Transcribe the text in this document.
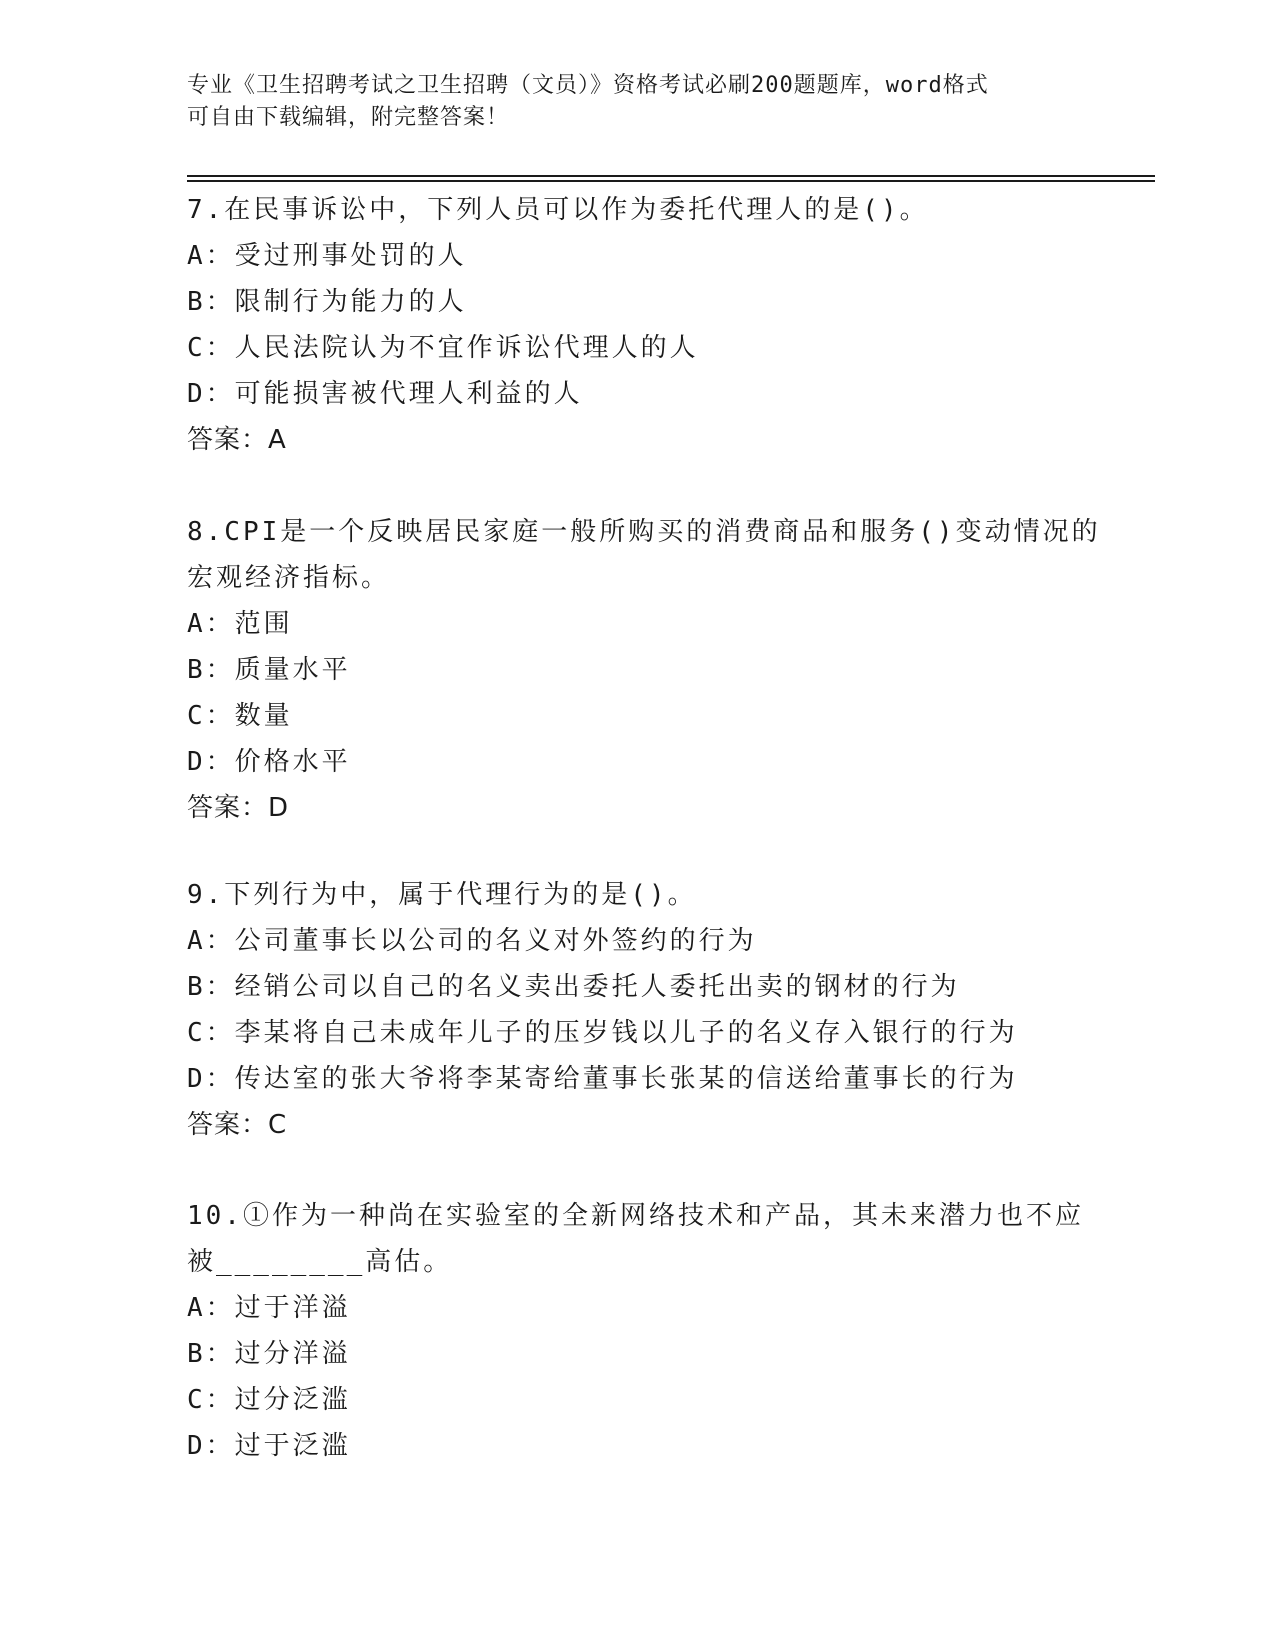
专业《卫生招聘考试之卫生招聘（文员）》资格考试必刷200题题库，word格式
可自由下载编辑，附完整答案！
7.在民事诉讼中，下列人员可以作为委托代理人的是()。
A：受过刑事处罚的人
B：限制行为能力的人
C：人民法院认为不宜作诉讼代理人的人
D：可能损害被代理人利益的人
答案：A
8.CPI是一个反映居民家庭一般所购买的消费商品和服务()变动情况的
宏观经济指标。
A：范围
B：质量水平
C：数量
D：价格水平
答案：D
9.下列行为中，属于代理行为的是()。
A：公司董事长以公司的名义对外签约的行为
B：经销公司以自己的名义卖出委托人委托出卖的钢材的行为
C：李某将自己未成年儿子的压岁钱以儿子的名义存入银行的行为
D：传达室的张大爷将李某寄给董事长张某的信送给董事长的行为
答案：C
10.①作为一种尚在实验室的全新网络技术和产品，其未来潜力也不应
被________高估。
A：过于洋溢
B：过分洋溢
C：过分泛滥
D：过于泛滥
